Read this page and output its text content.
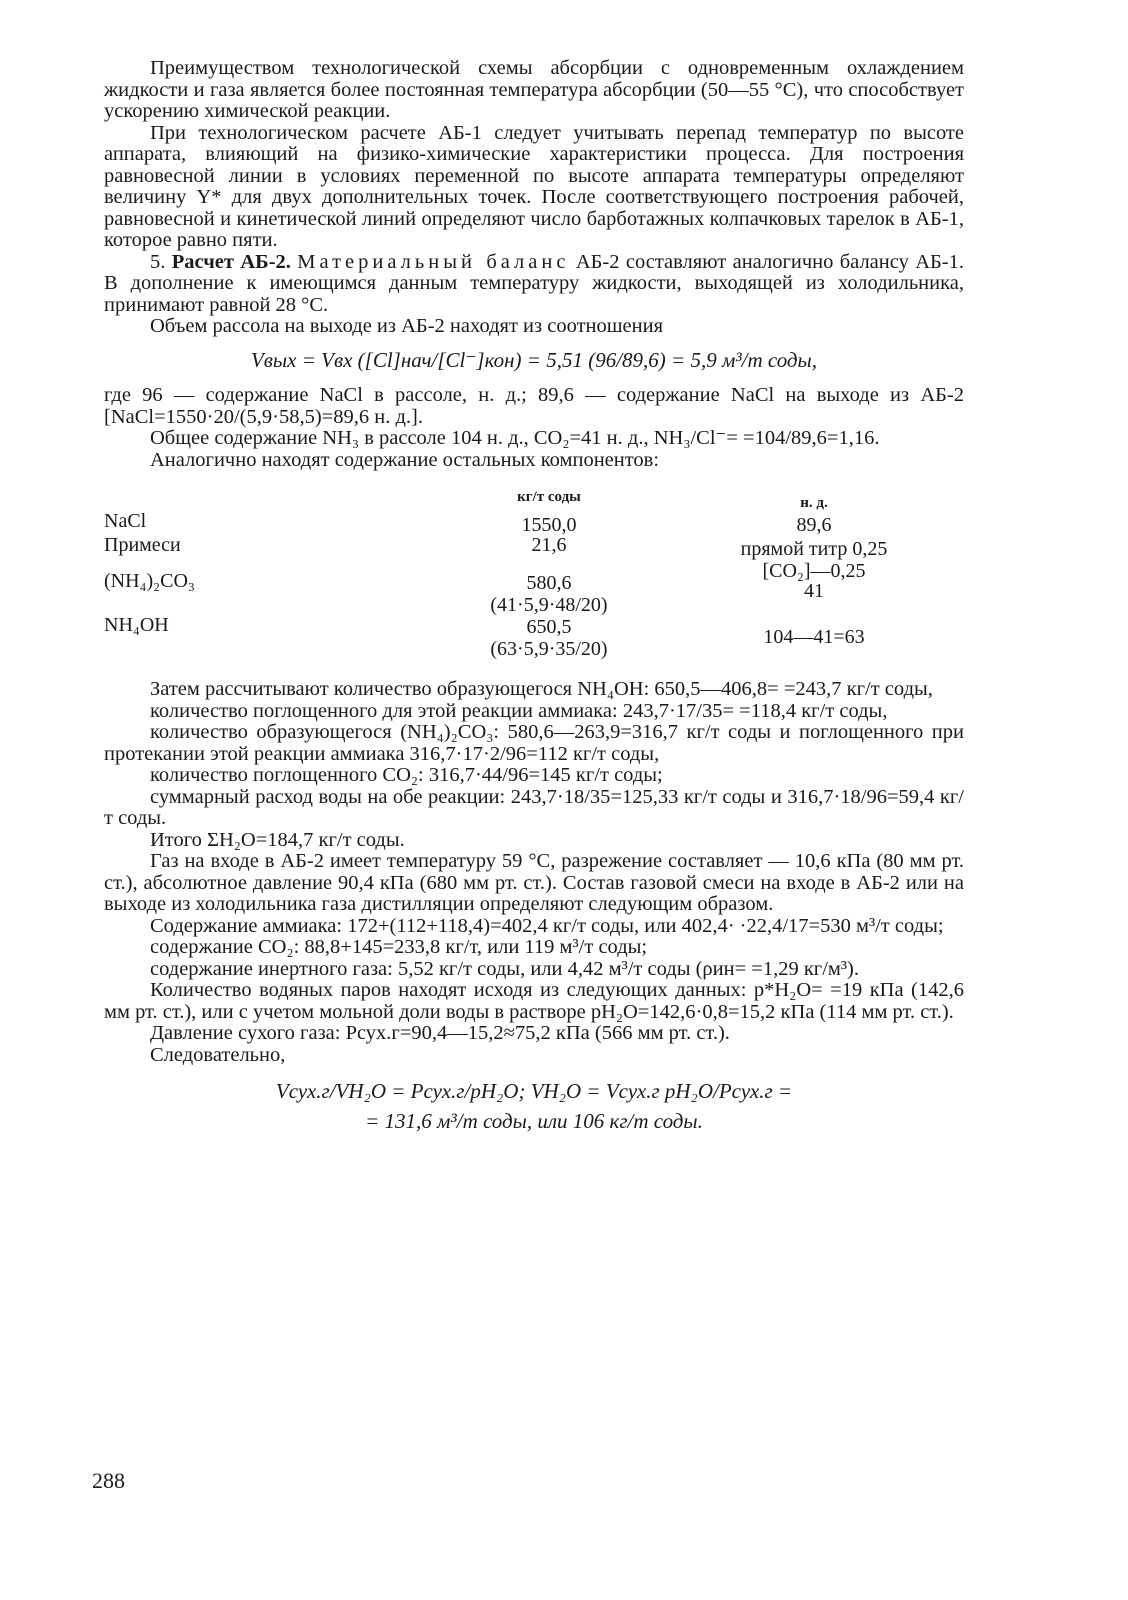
Преимуществом технологической схемы абсорбции с одновременным охлаждением жидкости и газа является более постоянная температура абсорбции (50—55 °С), что способствует ускорению химической реакции.

При технологическом расчете АБ-1 следует учитывать перепад температур по высоте аппарата, влияющий на физико-химические характеристики процесса. Для построения равновесной линии в условиях переменной по высоте аппарата температуры определяют величину Y* для двух дополнительных точек. После соответствующего построения рабочей, равновесной и кинетической линий определяют число барботажных колпачковых тарелок в АБ-1, которое равно пяти.

5. Расчет АБ-2. Материальный баланс АБ-2 составляют аналогично балансу АБ-1. В дополнение к имеющимся данным температуру жидкости, выходящей из холодильника, принимают равной 28 °С.

Объем рассола на выходе из АБ-2 находят из соотношения

Vвых = Vвх ([Cl]нач/[Cl⁻]кон) = 5,51 (96/89,6) = 5,9 м³/т соды,

где 96 — содержание NaCl в рассоле, н. д.; 89,6 — содержание NaCl на выходе из АБ-2 [NaCl=1550·20/(5,9·58,5)=89,6 н. д.].

Общее содержание NH₃ в рассоле 104 н. д., CO₂=41 н. д., NH₃/Cl⁻= =104/89,6=1,16.

Аналогично находят содержание остальных компонентов:

кг/т соды	н. д.
NaCl	1550,0	89,6
Примеси	21,6	прямой титр 0,25
[CO₂]—0,25
(NH₄)₂CO₃	580,6	41
(41·5,9·48/20)
NH₄OH	650,5	104—41=63
(63·5,9·35/20)

Затем рассчитывают количество образующегося NH₄OH: 650,5—406,8= =243,7 кг/т соды,

количество поглощенного для этой реакции аммиака: 243,7·17/35= =118,4 кг/т соды,

количество образующегося (NH₄)₂CO₃: 580,6—263,9=316,7 кг/т соды и поглощенного при протекании этой реакции аммиака 316,7·17·2/96=112 кг/т соды,

количество поглощенного CO₂: 316,7·44/96=145 кг/т соды;

суммарный расход воды на обе реакции: 243,7·18/35=125,33 кг/т соды и 316,7·18/96=59,4 кг/т соды.

Итого ΣH₂O=184,7 кг/т соды.

Газ на входе в АБ-2 имеет температуру 59 °С, разрежение составляет — 10,6 кПа (80 мм рт. ст.), абсолютное давление 90,4 кПа (680 мм рт. ст.). Состав газовой смеси на входе в АБ-2 или на выходе из холодильника газа дистилляции определяют следующим образом.

Содержание аммиака: 172+(112+118,4)=402,4 кг/т соды, или 402,4· ·22,4/17=530 м³/т соды;

содержание CO₂: 88,8+145=233,8 кг/т, или 119 м³/т соды;

содержание инертного газа: 5,52 кг/т соды, или 4,42 м³/т соды (ρин= =1,29 кг/м³).

Количество водяных паров находят исходя из следующих данных: p*H₂O= =19 кПа (142,6 мм рт. ст.), или с учетом мольной доли воды в растворе pH₂O=142,6·0,8=15,2 кПа (114 мм рт. ст.).

Давление сухого газа: Pсух.г=90,4—15,2≈75,2 кПа (566 мм рт. ст.).

Следовательно,

Vсух.г/VH₂O = Pсух.г/pH₂O; VH₂O = Vсух.г pH₂O/Pсух.г =
= 131,6 м³/т соды, или 106 кг/т соды.
288
